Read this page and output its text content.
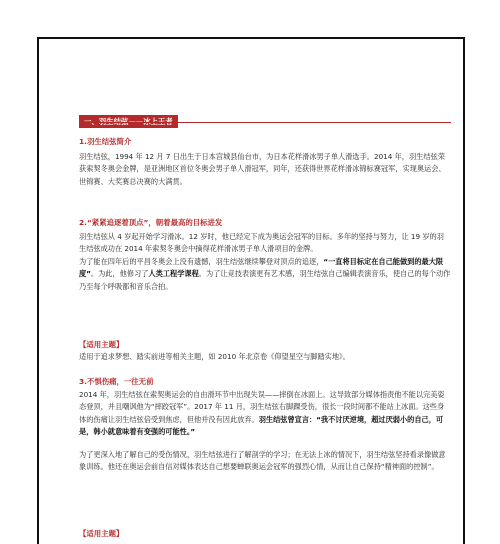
1.羽生结弦简介

羽生结弦，1994 年 12 月 7 日出生于日本宫城县仙台市，为日本花样滑冰男子单人滑选手。2014 年，羽生结弦荣获索契冬奥会金牌，是亚洲地区首位冬奥会男子单人滑冠军，同年，还获得世界花样滑冰锦标赛冠军，实现奥运会、世锦赛、大奖赛总决赛的大满贯。

2.“紧紧追逐着顶点”，朝着最高的目标进发

羽生结弦从 4 岁起开始学习滑冰。12 岁时，他已经定下成为奥运会冠军的目标。多年的坚持与努力，让 19 岁的羽生结弦成功在 2014 年索契冬奥会中摘得花样滑冰男子单人滑项目的金牌。

为了能在四年后的平昌冬奥会上没有遗憾，羽生结弦继续攀登对顶点的追逐，“一直将目标定在自己能做到的最大限度”。为此，他修习了人类工程学课程。为了让竞技表演更有艺术感，羽生结弦自己编辑表演音乐，使自己的每个动作乃至每个呼吸都和音乐合拍。

【适用主题】

适用于追求梦想、踏实前进等相关主题，如 2010 年北京卷《仰望星空与脚踏实地》。

3.不惧伤痛，一往无前

2014 年，羽生结弦在索契奥运会的自由滑环节中出现失误——摔倒在冰面上。这导致部分媒体指责他不能以完美姿态登顶，并且嘲讽他为“摔跤冠军”。2017 年 11 月，羽生结弦右脚踝受伤，很长一段时间都不能站上冰面。这些身体的伤痛让羽生结弦倍受到焦虑，但他并没有因此放弃。羽生结弦曾宣言：“我不讨厌逆境，超过厌弱小的自己，可是，韩小就意味着有变强的可能性。”

为了更深入地了解自己的受伤情况，羽生结弦进行了解剖学的学习；在无法上冰的情况下，羽生结弦坚持看录像做意象训练。他还在奥运会前自信对媒体表达自己想要蝉联奥运会冠军的强烈心情，从而让自己保持“精神面的控制”。

【适用主题】
